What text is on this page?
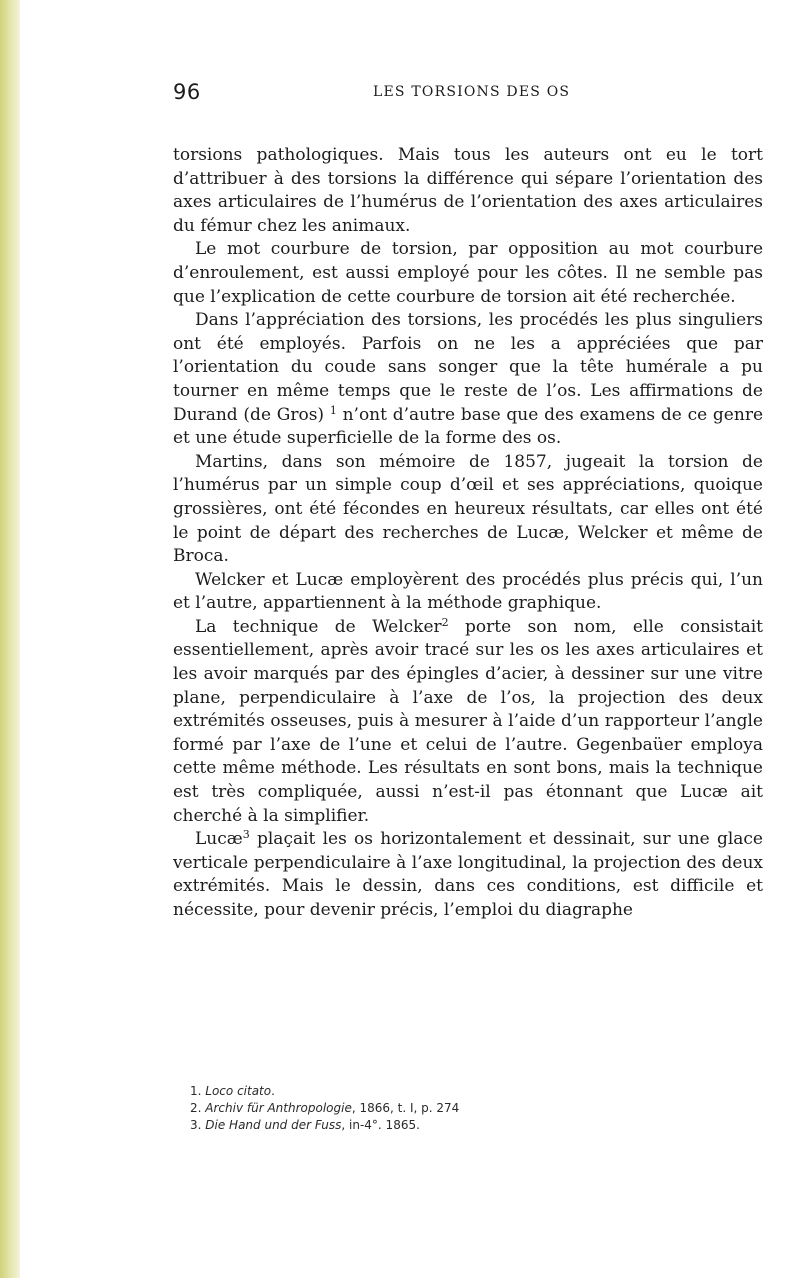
96	LES TORSIONS DES OS

torsions pathologiques. Mais tous les auteurs ont eu le tort d’attribuer à des torsions la différence qui sépare l’orientation des axes articulaires de l’humérus de l’orientation des axes articulaires du fémur chez les animaux.

Le mot courbure de torsion, par opposition au mot courbure d’enroulement, est aussi employé pour les côtes. Il ne semble pas que l’explication de cette courbure de torsion ait été recherchée.

Dans l’appréciation des torsions, les procédés les plus singuliers ont été employés. Parfois on ne les a appréciées que par l’orientation du coude sans songer que la tête humérale a pu tourner en même temps que le reste de l’os. Les affirmations de Durand (de Gros) $^1$ n’ont d’autre base que des examens de ce genre et une étude superficielle de la forme des os.

Martins, dans son mémoire de 1857, jugeait la torsion de l’humérus par un simple coup d’œil et ses appréciations, quoique grossières, ont été fécondes en heureux résultats, car elles ont été le point de départ des recherches de Lucæ, Welcker et même de Broca.

Welcker et Lucæ employèrent des procédés plus précis qui, l’un et l’autre, appartiennent à la méthode graphique.

La technique de Welcker$^2$ porte son nom, elle consistait essentiellement, après avoir tracé sur les os les axes articulaires et les avoir marqués par des épingles d’acier, à dessiner sur une vitre plane, perpendiculaire à l’axe de l’os, la projection des deux extrémités osseuses, puis à mesurer à l’aide d’un rapporteur l’angle formé par l’axe de l’une et celui de l’autre. Gegenbaüer employa cette même méthode. Les résultats en sont bons, mais la technique est très compliquée, aussi n’est-il pas étonnant que Lucæ ait cherché à la simplifier.

Lucæ$^3$ plaçait les os horizontalement et dessinait, sur une glace verticale perpendiculaire à l’axe longitudinal, la projection des deux extrémités. Mais le dessin, dans ces conditions, est difficile et nécessite, pour devenir précis, l’emploi du diagraphe

1. Loco citato.
2. Archiv für Anthropologie, 1866, t. I, p. 274
3. Die Hand und der Fuss, in-4°. 1865.
